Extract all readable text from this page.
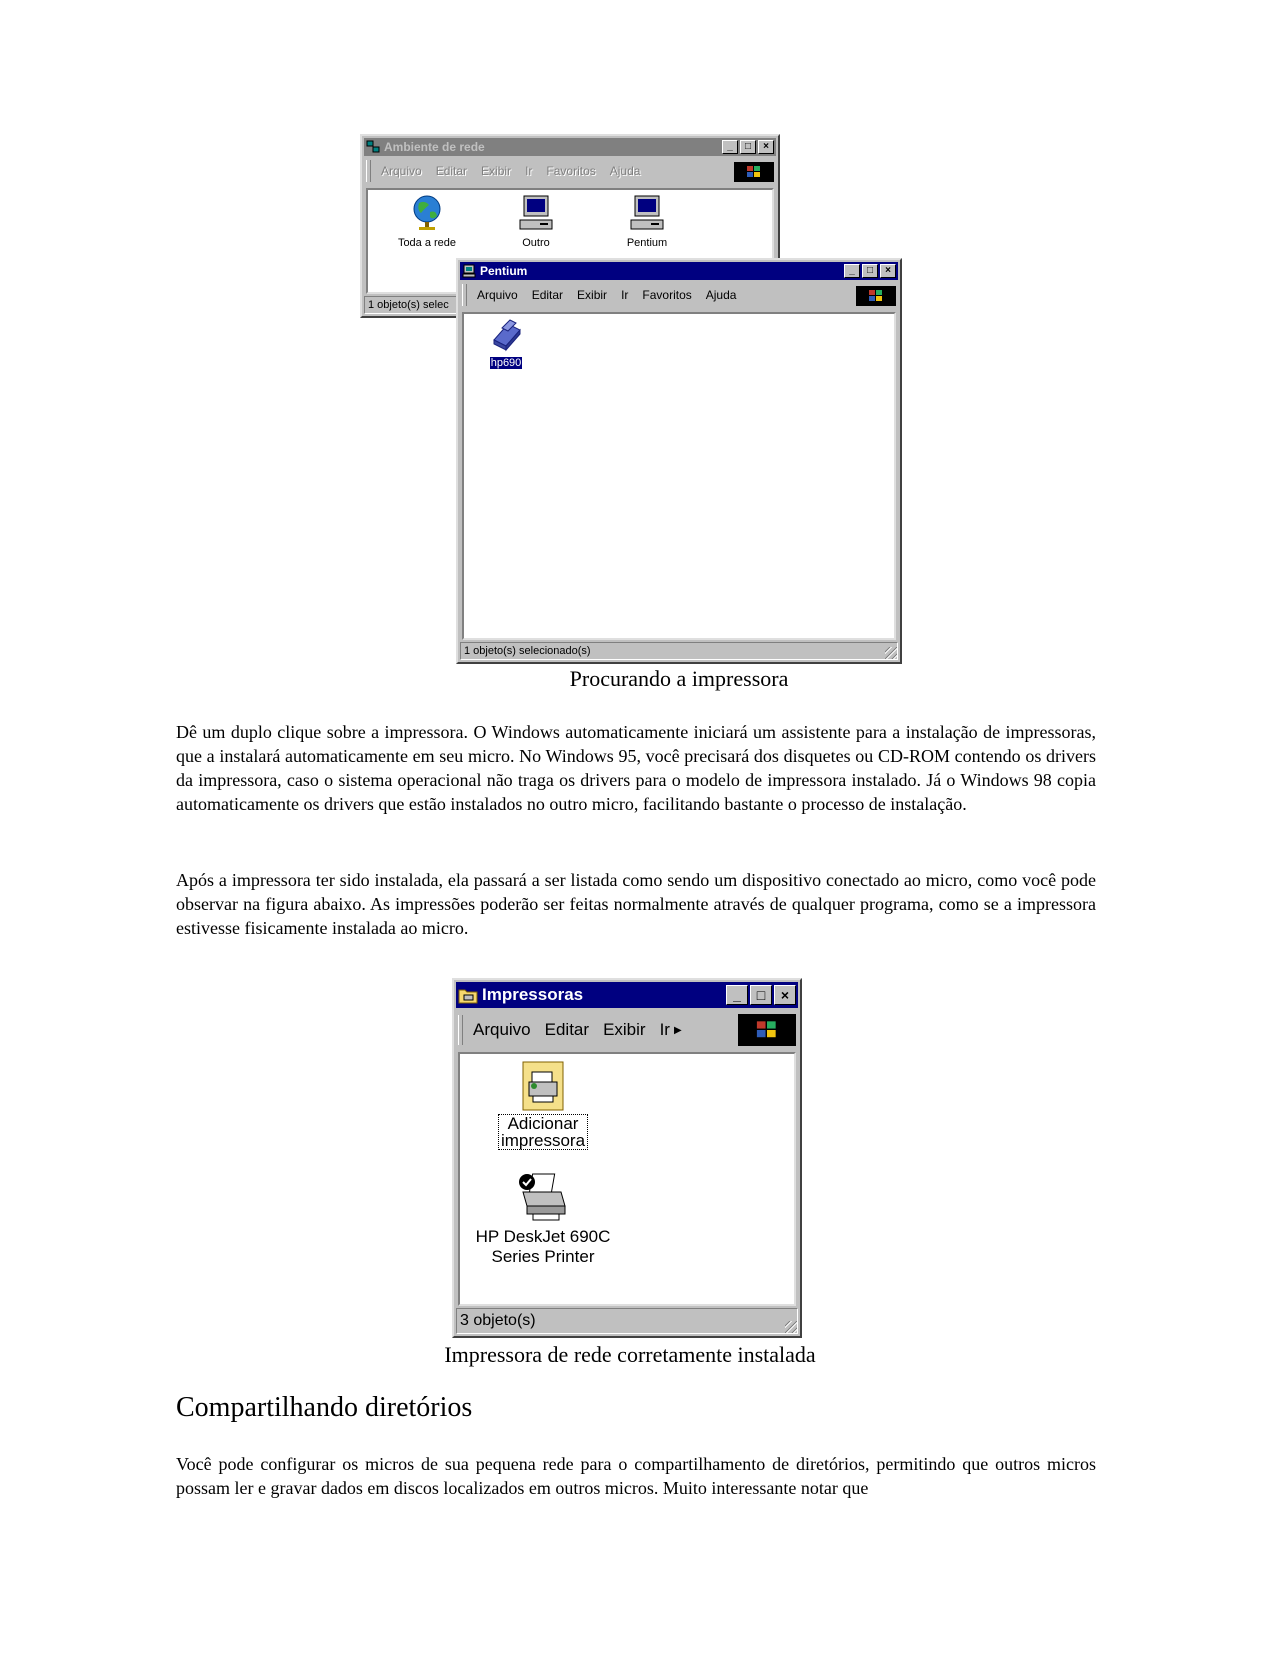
Ambiente de rede	_	□	×
Arquivo Editar Exibir Ir Favoritos Ajuda
Toda a rede	Outro	Pentium
1 objeto(s) selec
Pentium	_	□	×
Arquivo Editar Exibir Ir Favoritos Ajuda
hp690
1 objeto(s) selecionado(s)
Procurando a impressora

Dê um duplo clique sobre a impressora. O Windows automaticamente iniciará um assistente para a instalação de impressoras, que a instalará automaticamente em seu micro. No Windows 95, você precisará dos disquetes ou CD-ROM contendo os drivers da impressora, caso o sistema operacional não traga os drivers para o modelo de impressora instalado. Já o Windows 98 copia automaticamente os drivers que estão instalados no outro micro, facilitando bastante o processo de instalação.

Após a impressora ter sido instalada, ela passará a ser listada como sendo um dispositivo conectado ao micro, como você pode observar na figura abaixo. As impressões poderão ser feitas normalmente através de qualquer programa, como se a impressora estivesse fisicamente instalada ao micro.

Impressoras	_	□	×
Arquivo Editar Exibir Ir ▶
Adicionar
impressora
HP DeskJet 690C
Series Printer
3 objeto(s)
Impressora de rede corretamente instalada
Compartilhando diretórios

Você pode configurar os micros de sua pequena rede para o compartilhamento de diretórios, permitindo que outros micros possam ler e gravar dados em discos localizados em outros micros. Muito interessante notar que
